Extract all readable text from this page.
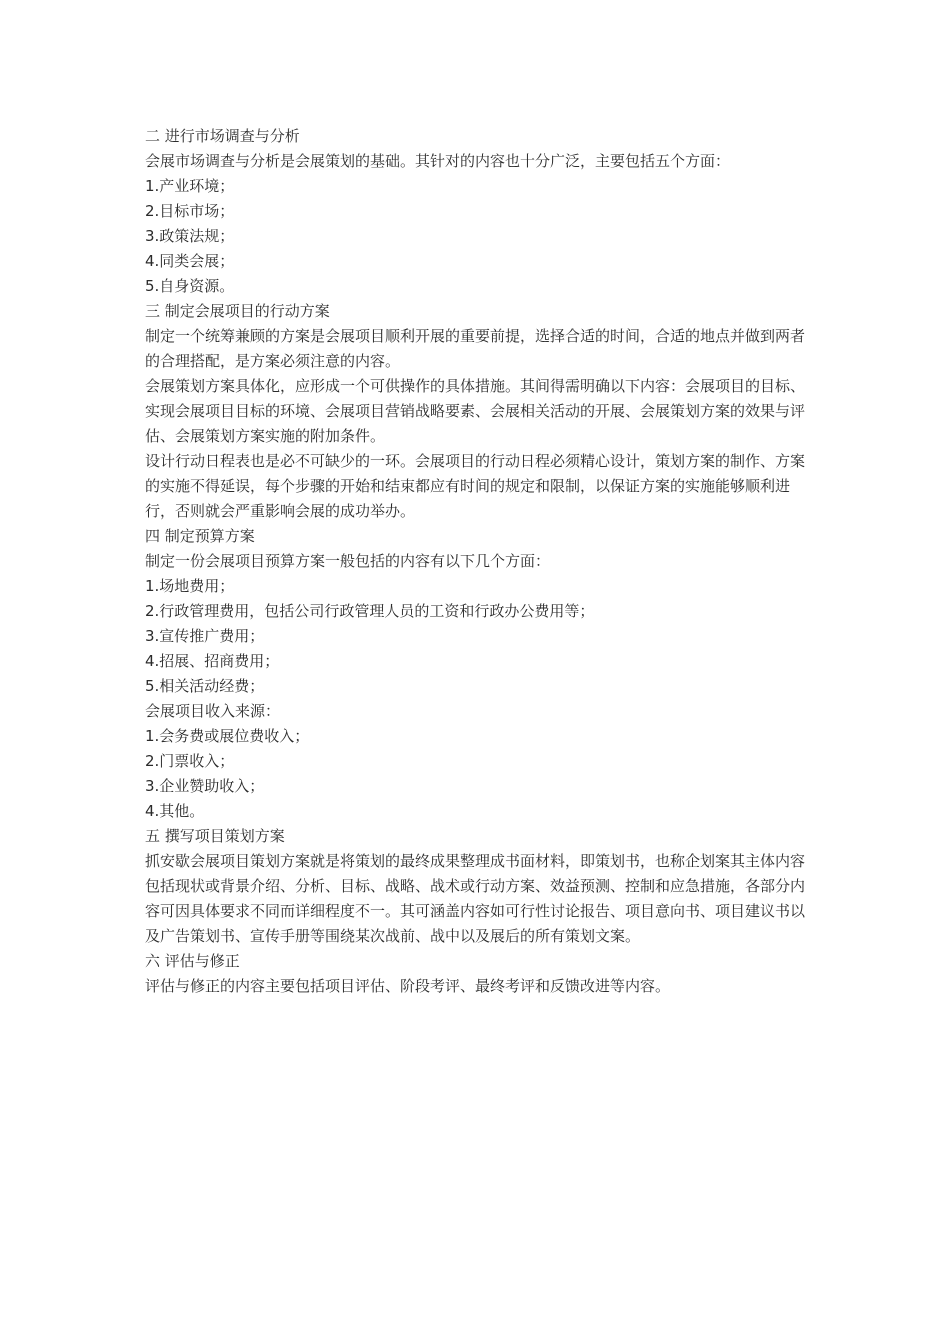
二 进行市场调查与分析

会展市场调查与分析是会展策划的基础。其针对的内容也十分广泛，主要包括五个方面：

1.产业环境；

2.目标市场；

3.政策法规；

4.同类会展；

5.自身资源。

三 制定会展项目的行动方案

制定一个统筹兼顾的方案是会展项目顺利开展的重要前提，选择合适的时间，合适的地点并做到两者的合理搭配，是方案必须注意的内容。

会展策划方案具体化，应形成一个可供操作的具体措施。其间得需明确以下内容：会展项目的目标、实现会展项目目标的环境、会展项目营销战略要素、会展相关活动的开展、会展策划方案的效果与评估、会展策划方案实施的附加条件。

设计行动日程表也是必不可缺少的一环。会展项目的行动日程必须精心设计，策划方案的制作、方案的实施不得延误，每个步骤的开始和结束都应有时间的规定和限制，以保证方案的实施能够顺利进行，否则就会严重影响会展的成功举办。

四 制定预算方案

制定一份会展项目预算方案一般包括的内容有以下几个方面：

1.场地费用；

2.行政管理费用，包括公司行政管理人员的工资和行政办公费用等；

3.宣传推广费用；

4.招展、招商费用；

5.相关活动经费；

会展项目收入来源：

1.会务费或展位费收入；

2.门票收入；

3.企业赞助收入；

4.其他。

五 撰写项目策划方案

抓安歇会展项目策划方案就是将策划的最终成果整理成书面材料，即策划书，也称企划案其主体内容包括现状或背景介绍、分析、目标、战略、战术或行动方案、效益预测、控制和应急措施，各部分内容可因具体要求不同而详细程度不一。其可涵盖内容如可行性讨论报告、项目意向书、项目建议书以及广告策划书、宣传手册等围绕某次战前、战中以及展后的所有策划文案。

六 评估与修正

评估与修正的内容主要包括项目评估、阶段考评、最终考评和反馈改进等内容。
